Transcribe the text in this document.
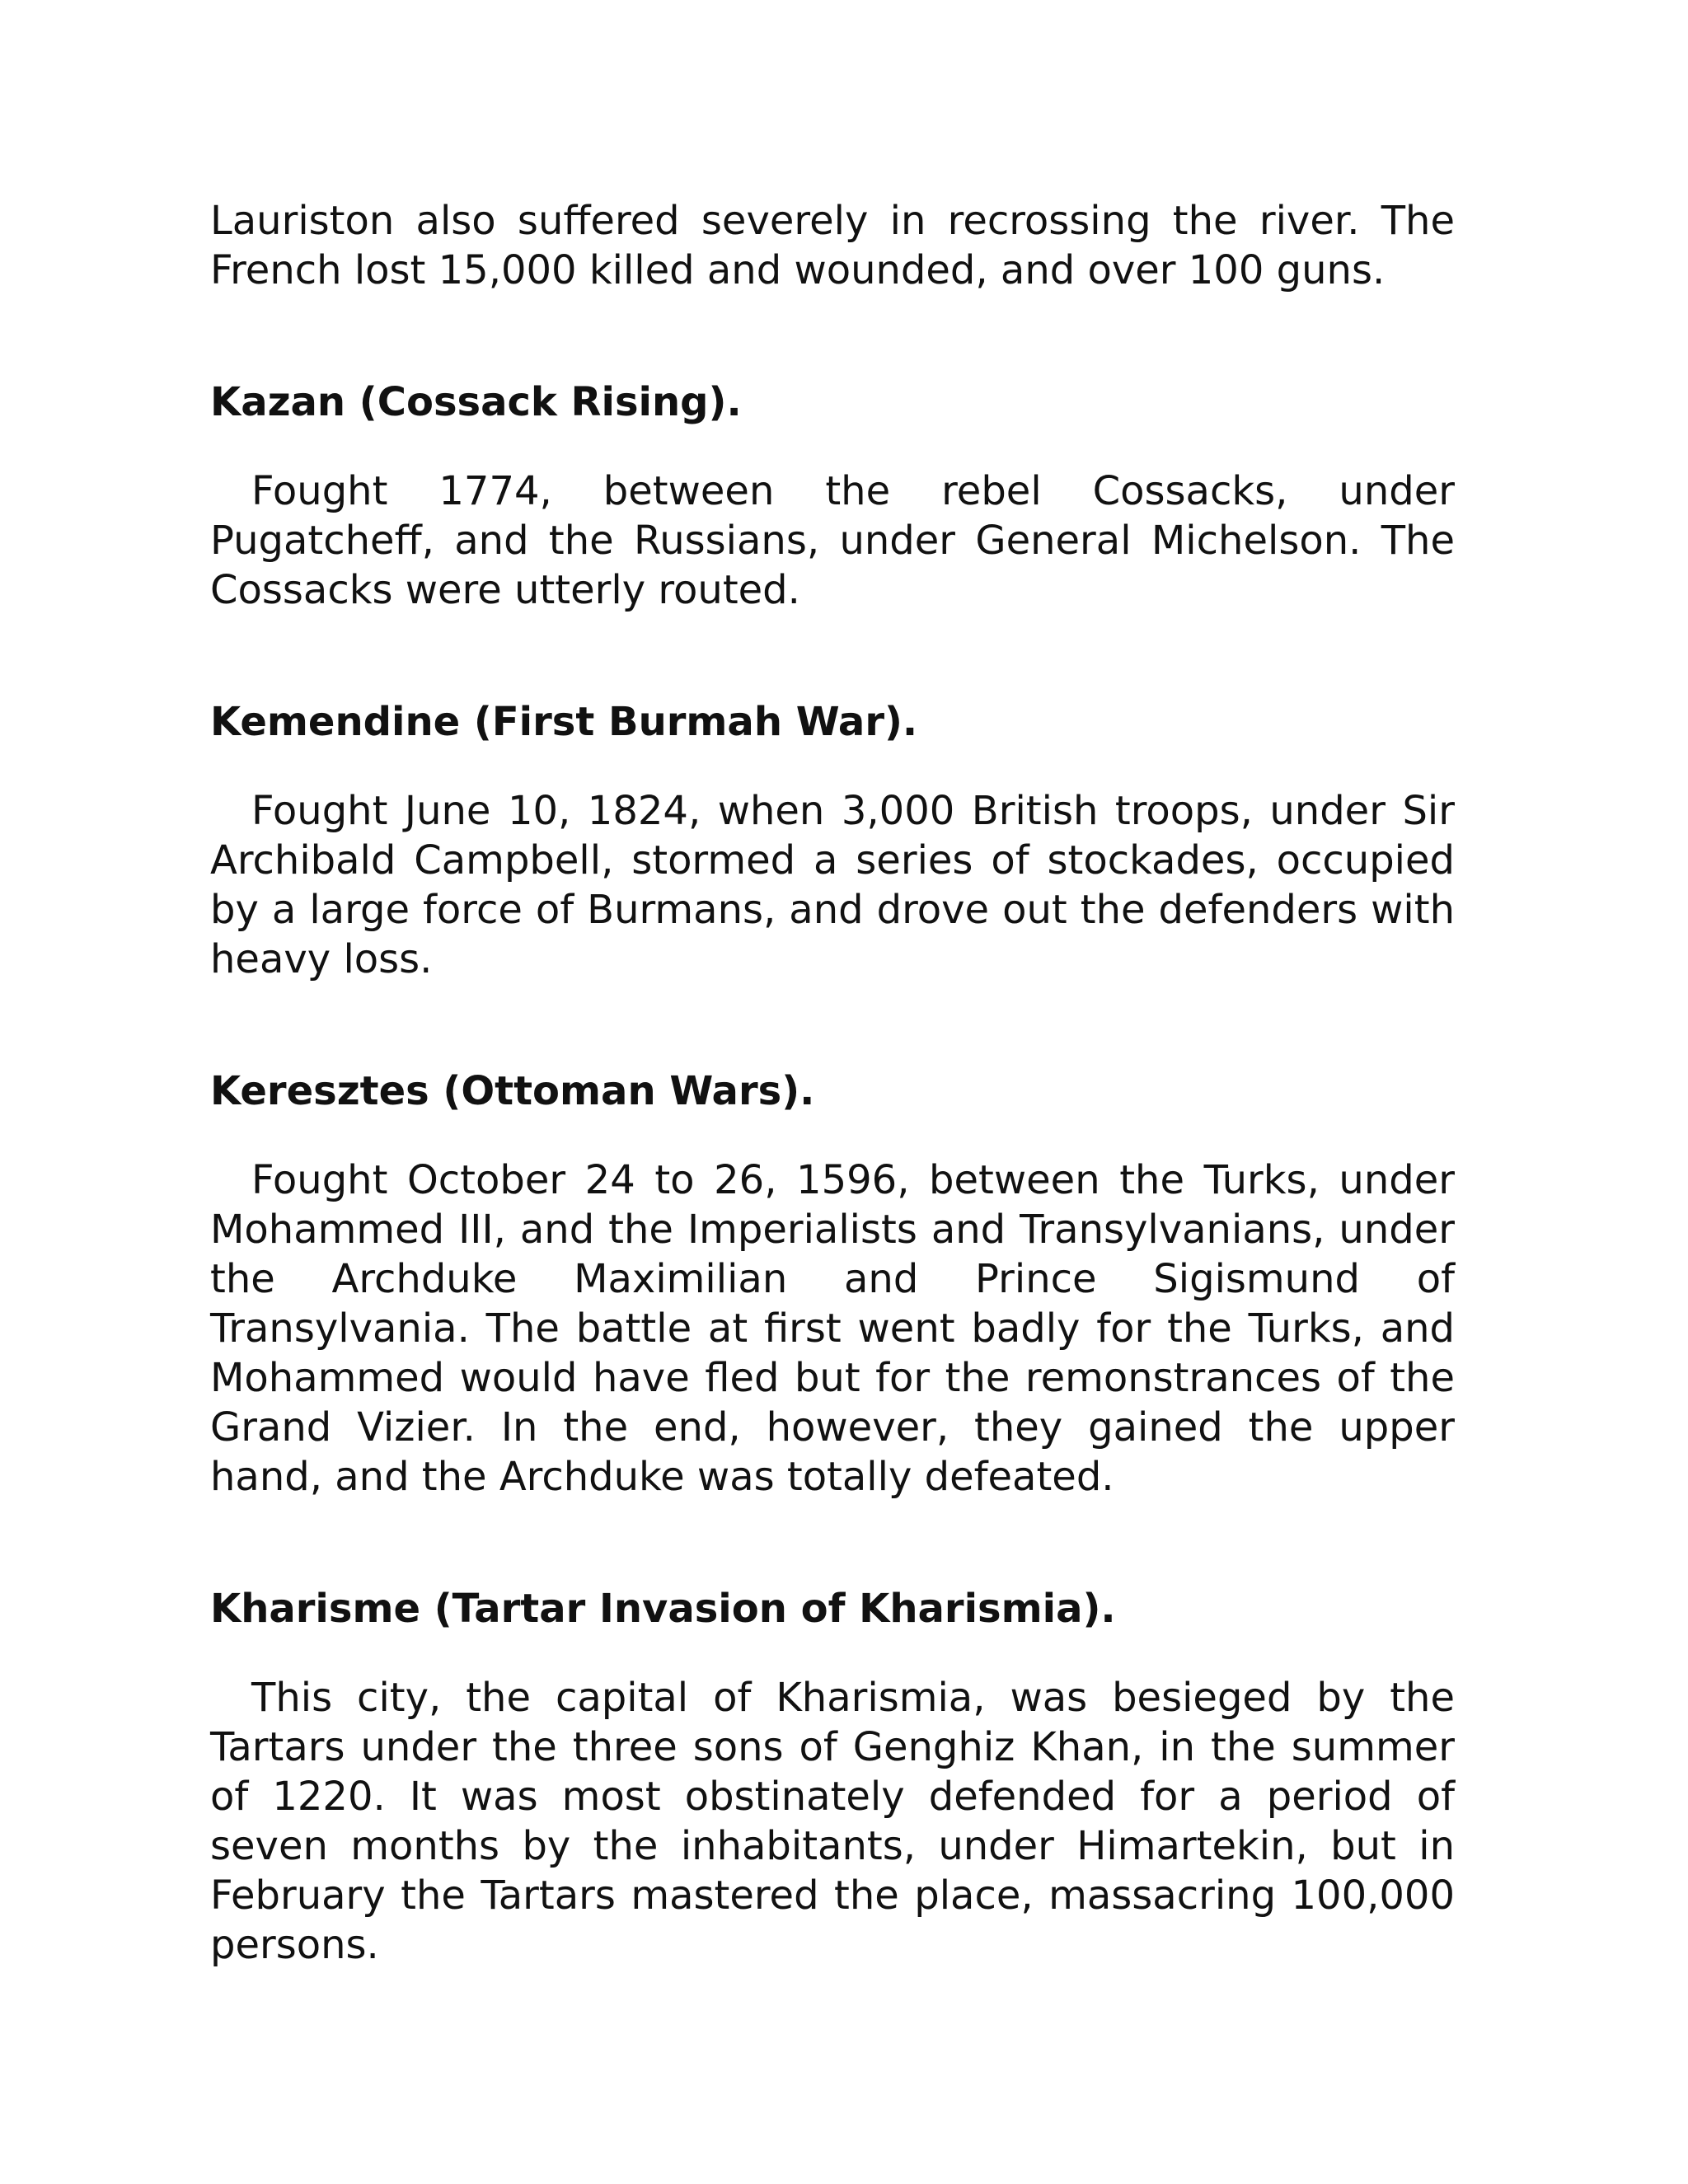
Lauriston also suffered severely in recrossing the river. The French lost 15,000 killed and wounded, and over 100 guns.

Kazan (Cossack Rising).

Fought 1774, between the rebel Cossacks, under Pugatcheff, and the Russians, under General Michelson. The Cossacks were utterly routed.

Kemendine (First Burmah War).

Fought June 10, 1824, when 3,000 British troops, under Sir Archibald Campbell, stormed a series of stockades, occupied by a large force of Burmans, and drove out the defenders with heavy loss.

Keresztes (Ottoman Wars).

Fought October 24 to 26, 1596, between the Turks, under Mohammed III, and the Imperialists and Transylvanians, under the Archduke Maximilian and Prince Sigismund of Transylvania. The battle at first went badly for the Turks, and Mohammed would have fled but for the remonstrances of the Grand Vizier. In the end, however, they gained the upper hand, and the Archduke was totally defeated.

Kharisme (Tartar Invasion of Kharismia).

This city, the capital of Kharismia, was besieged by the Tartars under the three sons of Genghiz Khan, in the summer of 1220. It was most obstinately defended for a period of seven months by the inhabitants, under Himartekin, but in February the Tartars mastered the place, massacring 100,000 persons.
